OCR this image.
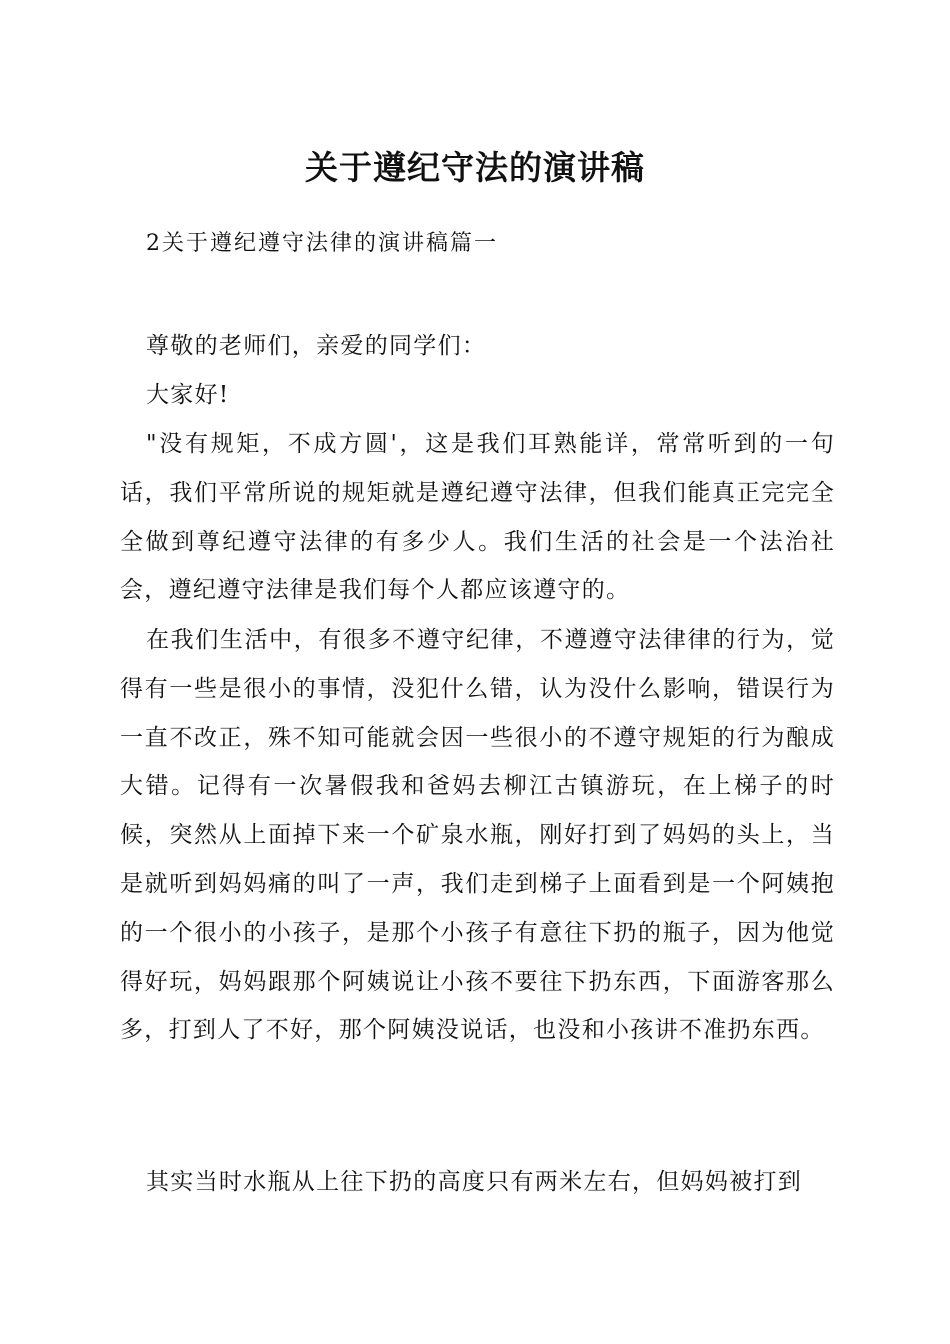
关于遵纪守法的演讲稿
2关于遵纪遵守法律的演讲稿篇一

尊敬的老师们，亲爱的同学们：

大家好!

"没有规矩，不成方圆'，这是我们耳熟能详，常常听到的一句话，我们平常所说的规矩就是遵纪遵守法律，但我们能真正完完全全做到尊纪遵守法律的有多少人。我们生活的社会是一个法治社会，遵纪遵守法律是我们每个人都应该遵守的。

在我们生活中，有很多不遵守纪律，不遵遵守法律律的行为，觉得有一些是很小的事情，没犯什么错，认为没什么影响，错误行为一直不改正，殊不知可能就会因一些很小的不遵守规矩的行为酿成大错。记得有一次暑假我和爸妈去柳江古镇游玩，在上梯子的时候，突然从上面掉下来一个矿泉水瓶，刚好打到了妈妈的头上，当是就听到妈妈痛的叫了一声，我们走到梯子上面看到是一个阿姨抱的一个很小的小孩子，是那个小孩子有意往下扔的瓶子，因为他觉得好玩，妈妈跟那个阿姨说让小孩不要往下扔东西，下面游客那么多，打到人了不好，那个阿姨没说话，也没和小孩讲不准扔东西。

其实当时水瓶从上往下扔的高度只有两米左右，但妈妈被打到
